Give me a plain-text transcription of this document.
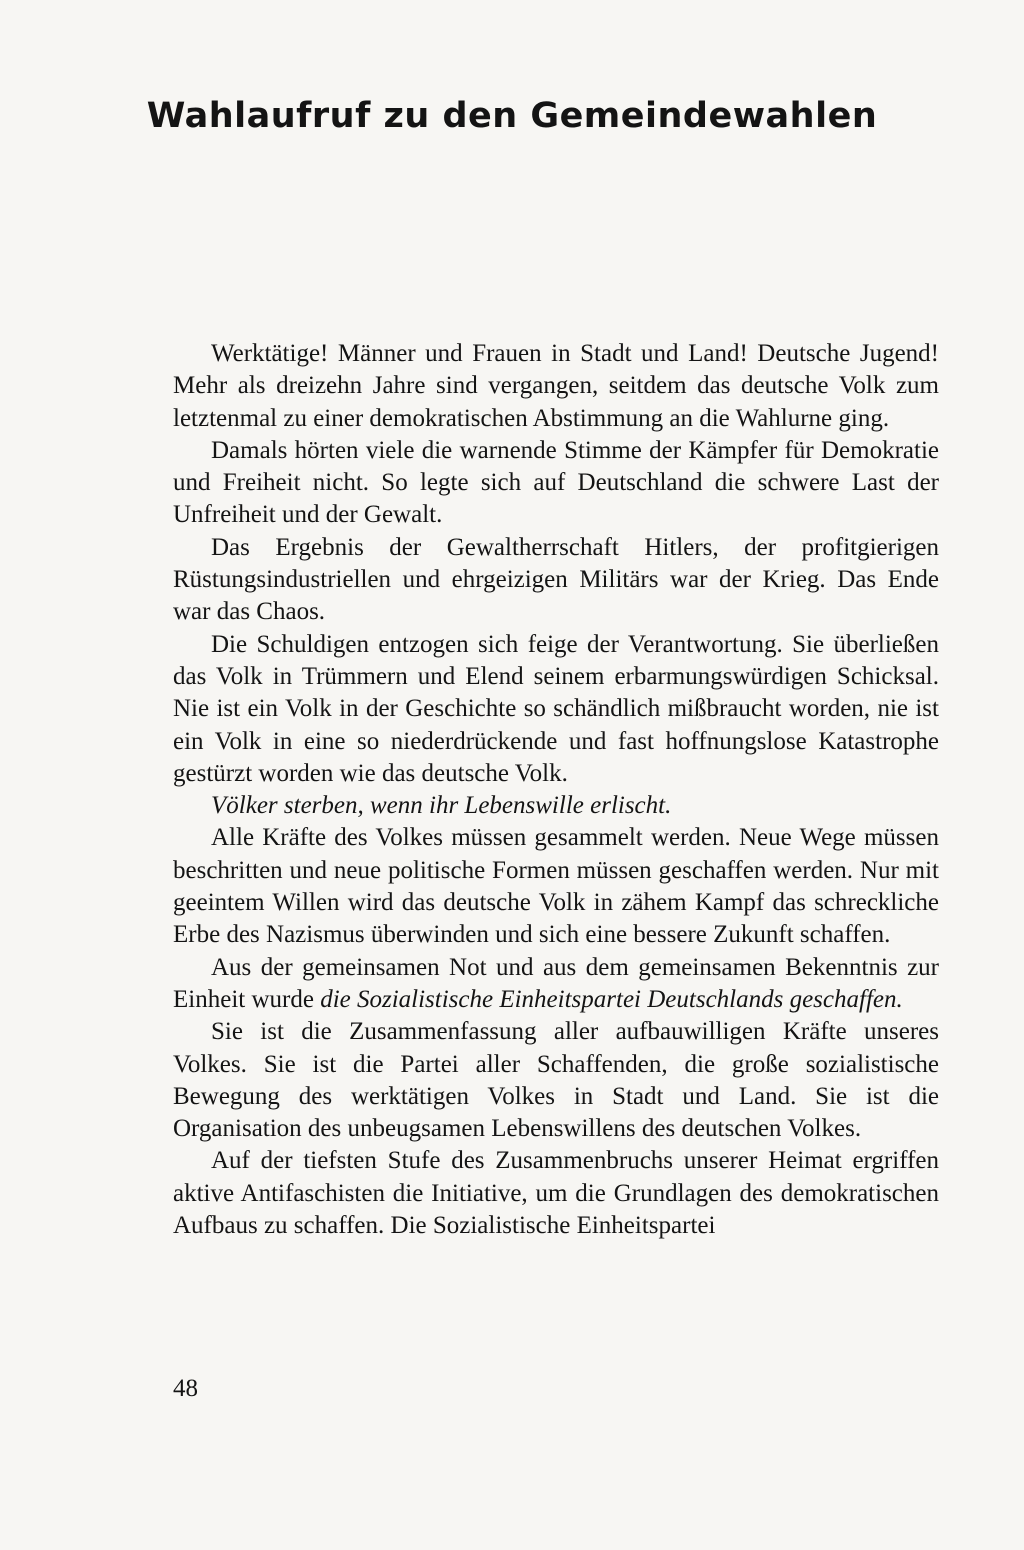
Wahlaufruf zu den Gemeindewahlen

Werktätige! Männer und Frauen in Stadt und Land! Deutsche Jugend! Mehr als dreizehn Jahre sind vergangen, seitdem das deutsche Volk zum letztenmal zu einer demokratischen Abstimmung an die Wahlurne ging.

Damals hörten viele die warnende Stimme der Kämpfer für Demokratie und Freiheit nicht. So legte sich auf Deutschland die schwere Last der Unfreiheit und der Gewalt.

Das Ergebnis der Gewaltherrschaft Hitlers, der profitgierigen Rüstungsindustriellen und ehrgeizigen Militärs war der Krieg. Das Ende war das Chaos.

Die Schuldigen entzogen sich feige der Verantwortung. Sie überließen das Volk in Trümmern und Elend seinem erbarmungswürdigen Schicksal. Nie ist ein Volk in der Geschichte so schändlich mißbraucht worden, nie ist ein Volk in eine so niederdrückende und fast hoffnungslose Katastrophe gestürzt worden wie das deutsche Volk.

Völker sterben, wenn ihr Lebenswille erlischt.

Alle Kräfte des Volkes müssen gesammelt werden. Neue Wege müssen beschritten und neue politische Formen müssen geschaffen werden. Nur mit geeintem Willen wird das deutsche Volk in zähem Kampf das schreckliche Erbe des Nazismus überwinden und sich eine bessere Zukunft schaffen.

Aus der gemeinsamen Not und aus dem gemeinsamen Bekenntnis zur Einheit wurde die Sozialistische Einheitspartei Deutschlands geschaffen.

Sie ist die Zusammenfassung aller aufbauwilligen Kräfte unseres Volkes. Sie ist die Partei aller Schaffenden, die große sozialistische Bewegung des werktätigen Volkes in Stadt und Land. Sie ist die Organisation des unbeugsamen Lebenswillens des deutschen Volkes.

Auf der tiefsten Stufe des Zusammenbruchs unserer Heimat ergriffen aktive Antifaschisten die Initiative, um die Grundlagen des demokratischen Aufbaus zu schaffen. Die Sozialistische Einheitspartei

48
